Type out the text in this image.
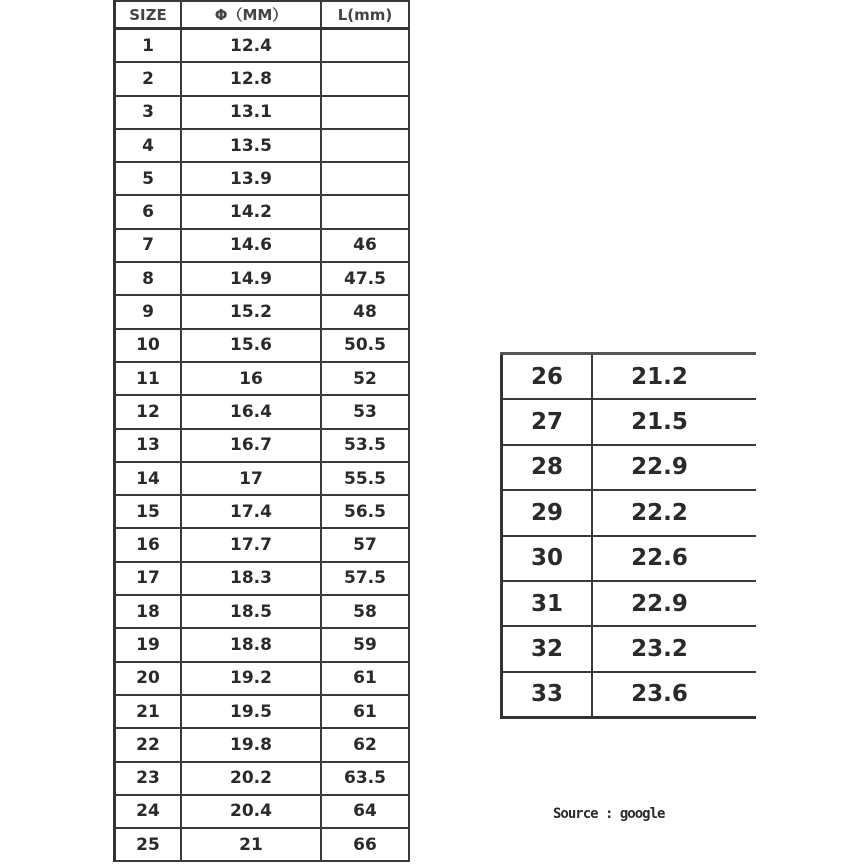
SIZE	Φ（MM）	L(mm)
1	12.4	
2	12.8	
3	13.1	
4	13.5	
5	13.9	
6	14.2	
7	14.6	46
8	14.9	47.5
9	15.2	48
10	15.6	50.5
11	16	52
12	16.4	53
13	16.7	53.5
14	17	55.5
15	17.4	56.5
16	17.7	57
17	18.3	57.5
18	18.5	58
19	18.8	59
20	19.2	61
21	19.5	61
22	19.8	62
23	20.2	63.5
24	20.4	64
25	21	66
26	21.2
27	21.5
28	22.9
29	22.2
30	22.6
31	22.9
32	23.2
33	23.6
Source : google
